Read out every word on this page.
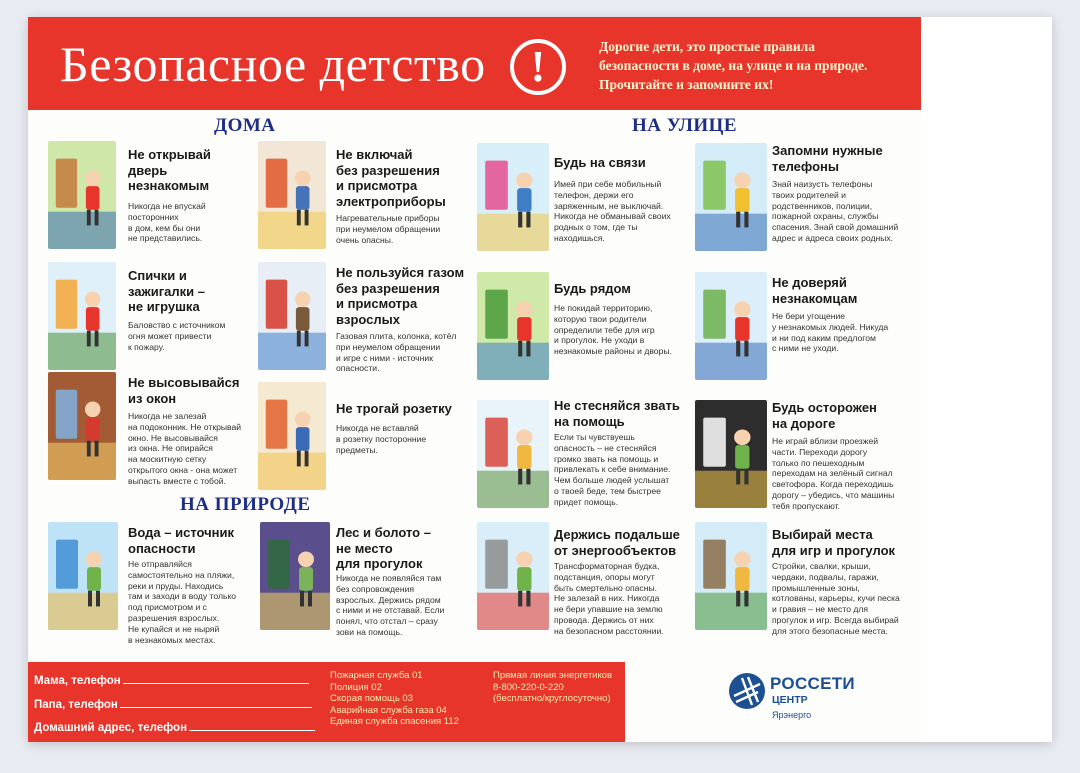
Безопасное детство	!	Дорогие дети, это простые правила
безопасности в доме, на улице и на природе.
Прочитайте и запомните их!
ДОМА	НА УЛИЦЕ
НА ПРИРОДЕ
Не открывай
дверь
незнакомым
Никогда не впускай
посторонних
в дом, кем бы они
не представились.
Спички и
зажигалки –
не игрушка
Баловство с источником
огня может привести
к пожару.
Не высовывайся
из окон
Никогда не залезай
на подоконник. Не открывай
окно. Не высовывайся
из окна. Не опирайся
на москитную сетку
открытого окна - она может
выпасть вместе с тобой.
Не включай
без разрешения
и присмотра
электроприборы
Нагревательные приборы
при неумелом обращении
очень опасны.
Не пользуйся газом
без разрешения
и присмотра
взрослых
Газовая плита, колонка, котёл
при неумелом обращении
и игре с ними - источник
опасности.
Не трогай розетку
Никогда не вставляй
в розетку посторонние
предметы.
Вода – источник
опасности
Не отправляйся
самостоятельно на пляжи,
реки и пруды. Находись
там и заходи в воду только
под присмотром и с
разрешения взрослых.
Не купайся и не ныряй
в незнакомых местах.
Лес и болото –
не место
для прогулок
Никогда не появляйся там
без сопровождения
взрослых. Держись рядом
с ними и не отставай. Если
понял, что отстал – сразу
зови на помощь.
Будь на связи
Имей при себе мобильный
телефон, держи его
заряженным, не выключай.
Никогда не обманывай своих
родных о том, где ты
находишься.
Будь рядом
Не покидай территорию,
которую твои родители
определили тебе для игр
и прогулок. Не уходи в
незнакомые районы и дворы.
Не стесняйся звать
на помощь
Если ты чувствуешь
опасность – не стесняйся
громко звать на помощь и
привлекать к себе внимание.
Чем больше людей услышат
о твоей беде, тем быстрее
придет помощь.
Держись подальше
от энергообъектов
Трансформаторная будка,
подстанция, опоры могут
быть смертельно опасны.
Не залезай в них. Никогда
не бери упавшие на землю
провода. Держись от них
на безопасном расстоянии.
Запомни нужные
телефоны
Знай наизусть телефоны
твоих родителей и
родственников, полиции,
пожарной охраны, службы
спасения. Знай свой домашний
адрес и адреса своих родных.
Не доверяй
незнакомцам
Не бери угощение
у незнакомых людей. Никуда
и ни под каким предлогом
с ними не уходи.
Будь осторожен
на дороге
Не играй вблизи проезжей
части. Переходи дорогу
только по пешеходным
переходам на зелёный сигнал
светофора. Когда переходишь
дорогу – убедись, что машины
тебя пропускают.
Выбирай места
для игр и прогулок
Стройки, свалки, крыши,
чердаки, подвалы, гаражи,
промышленные зоны,
котлованы, карьеры, кучи песка
и гравия – не место для
прогулок и игр. Всегда выбирай
для этого безопасные места.
Мама, телефон
Папа, телефон
Домашний адрес, телефон
Пожарная служба 01
Полиция 02
Скорая помощь 03
Аварийная служба газа 04
Единая служба спасения 112
Прямая линия энергетиков
8-800-220-0-220
(бесплатно/круглосуточно)
РОССЕТИ
ЦЕНТР
Ярэнерго
